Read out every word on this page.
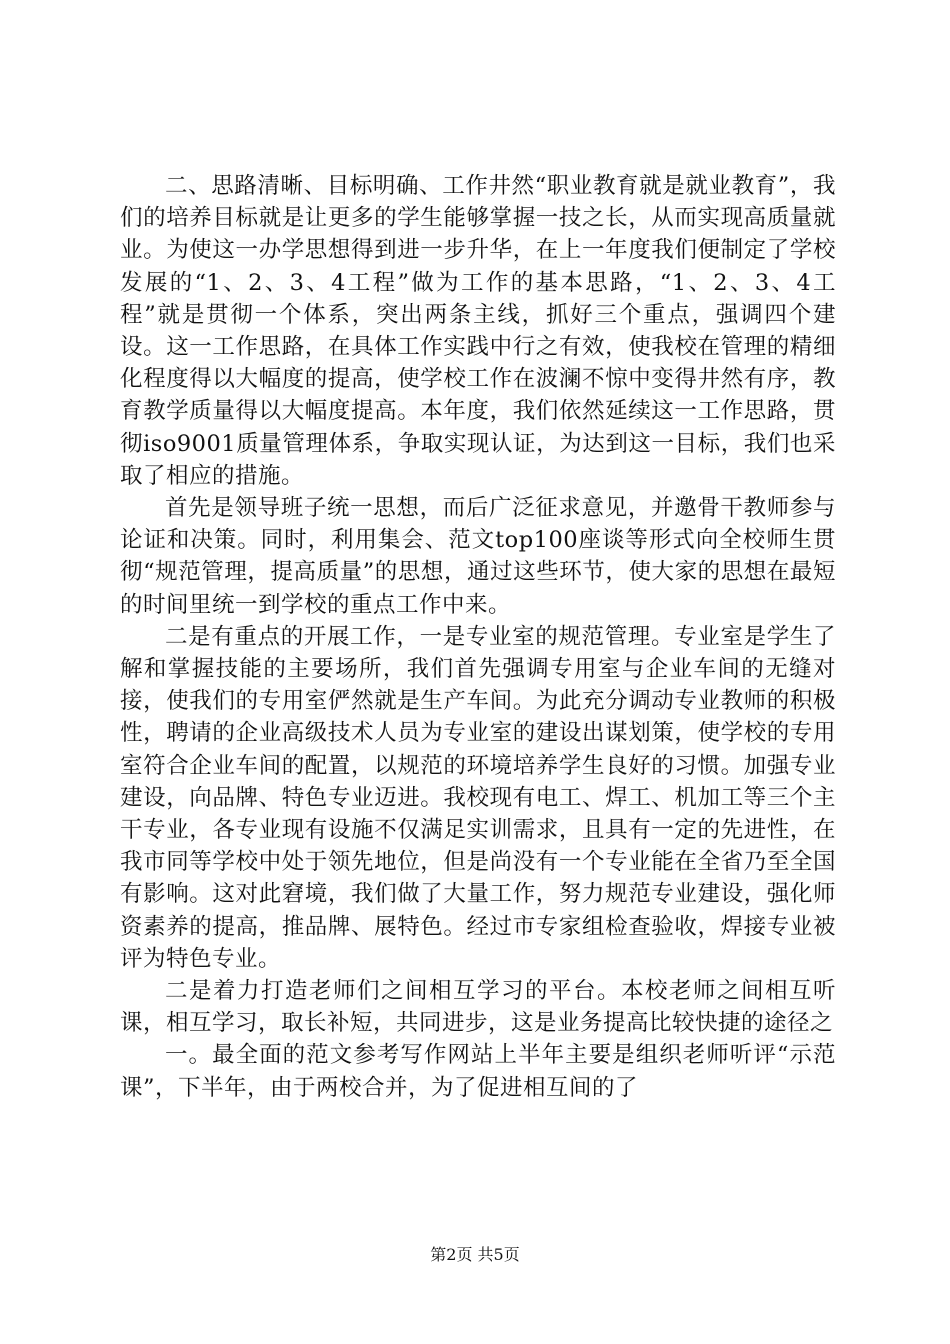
二、思路清晰、目标明确、工作井然“职业教育就是就业教育”，我们的培养目标就是让更多的学生能够掌握一技之长，从而实现高质量就业。为使这一办学思想得到进一步升华，在上一年度我们便制定了学校发展的“1、2、3、4工程”做为工作的基本思路，“1、2、3、4工程”就是贯彻一个体系，突出两条主线，抓好三个重点，强调四个建设。这一工作思路，在具体工作实践中行之有效，使我校在管理的精细化程度得以大幅度的提高，使学校工作在波澜不惊中变得井然有序，教育教学质量得以大幅度提高。本年度，我们依然延续这一工作思路，贯彻iso9001质量管理体系，争取实现认证，为达到这一目标，我们也采取了相应的措施。

首先是领导班子统一思想，而后广泛征求意见，并邀骨干教师参与论证和决策。同时，利用集会、范文top100座谈等形式向全校师生贯彻“规范管理，提高质量”的思想，通过这些环节，使大家的思想在最短的时间里统一到学校的重点工作中来。

二是有重点的开展工作，一是专业室的规范管理。专业室是学生了解和掌握技能的主要场所，我们首先强调专用室与企业车间的无缝对接，使我们的专用室俨然就是生产车间。为此充分调动专业教师的积极性，聘请的企业高级技术人员为专业室的建设出谋划策，使学校的专用室符合企业车间的配置，以规范的环境培养学生良好的习惯。加强专业建设，向品牌、特色专业迈进。我校现有电工、焊工、机加工等三个主干专业，各专业现有设施不仅满足实训需求，且具有一定的先进性，在我市同等学校中处于领先地位，但是尚没有一个专业能在全省乃至全国有影响。这对此窘境，我们做了大量工作，努力规范专业建设，强化师资素养的提高，推品牌、展特色。经过市专家组检查验收，焊接专业被评为特色专业。

二是着力打造老师们之间相互学习的平台。本校老师之间相互听课，相互学习，取长补短，共同进步，这是业务提高比较快捷的途径之

一。最全面的范文参考写作网站上半年主要是组织老师听评“示范课”，下半年，由于两校合并，为了促进相互间的了

第2页 共5页
